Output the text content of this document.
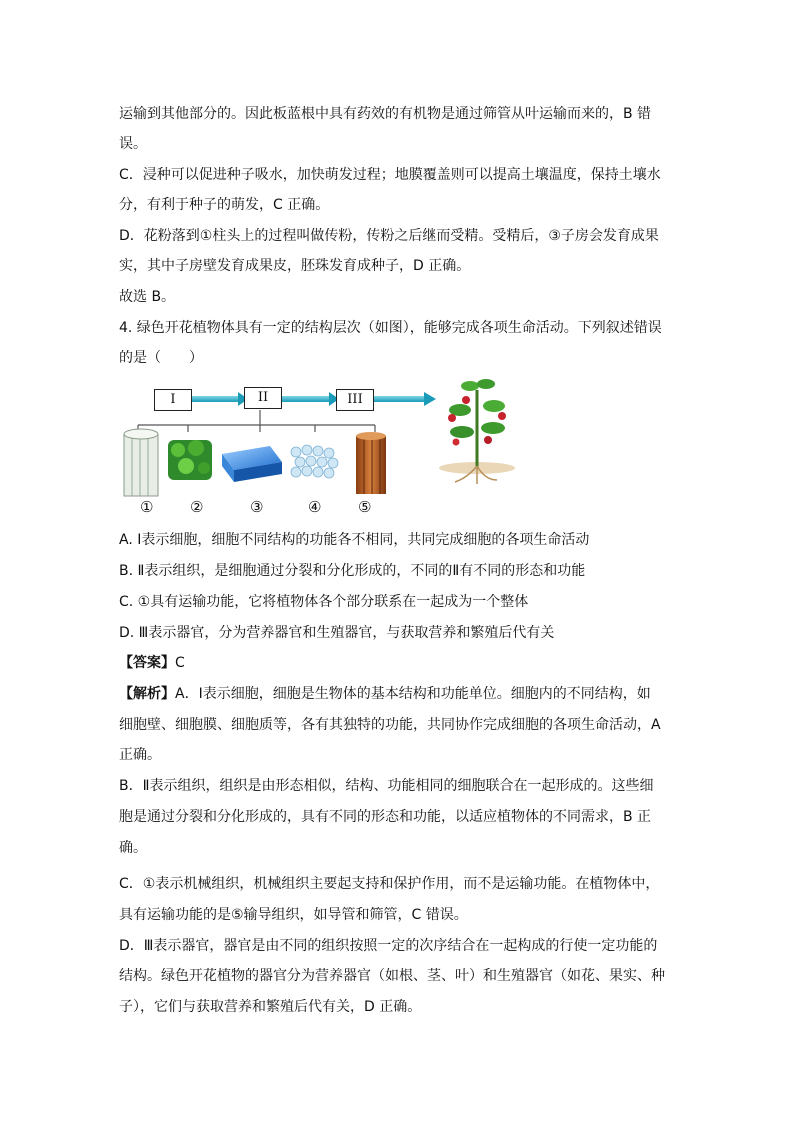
运输到其他部分的。因此板蓝根中具有药效的有机物是通过筛管从叶运输而来的，B 错
误。
C．浸种可以促进种子吸水，加快萌发过程；地膜覆盖则可以提高土壤温度，保持土壤水
分，有利于种子的萌发，C 正确。
D．花粉落到①柱头上的过程叫做传粉，传粉之后继而受精。受精后，③子房会发育成果
实，其中子房壁发育成果皮，胚珠发育成种子，D 正确。
故选 B。
4. 绿色开花植物体具有一定的结构层次（如图），能够完成各项生命活动。下列叙述错误
的是（　　）
I	II	III
① ②	③	④ ⑤
A. Ⅰ表示细胞，细胞不同结构的功能各不相同，共同完成细胞的各项生命活动
B. Ⅱ表示组织，是细胞通过分裂和分化形成的，不同的Ⅱ有不同的形态和功能
C. ①具有运输功能，它将植物体各个部分联系在一起成为一个整体
D. Ⅲ表示器官，分为营养器官和生殖器官，与获取营养和繁殖后代有关
【答案】C
【解析】A．Ⅰ表示细胞，细胞是生物体的基本结构和功能单位。细胞内的不同结构，如
细胞壁、细胞膜、细胞质等，各有其独特的功能，共同协作完成细胞的各项生命活动，A
正确。
B．Ⅱ表示组织，组织是由形态相似，结构、功能相同的细胞联合在一起形成的。这些细
胞是通过分裂和分化形成的，具有不同的形态和功能，以适应植物体的不同需求，B 正
确。
C．①表示机械组织，机械组织主要起支持和保护作用，而不是运输功能。在植物体中，
具有运输功能的是⑤输导组织，如导管和筛管，C 错误。
D．Ⅲ表示器官，器官是由不同的组织按照一定的次序结合在一起构成的行使一定功能的
结构。绿色开花植物的器官分为营养器官（如根、茎、叶）和生殖器官（如花、果实、种
子），它们与获取营养和繁殖后代有关，D 正确。
